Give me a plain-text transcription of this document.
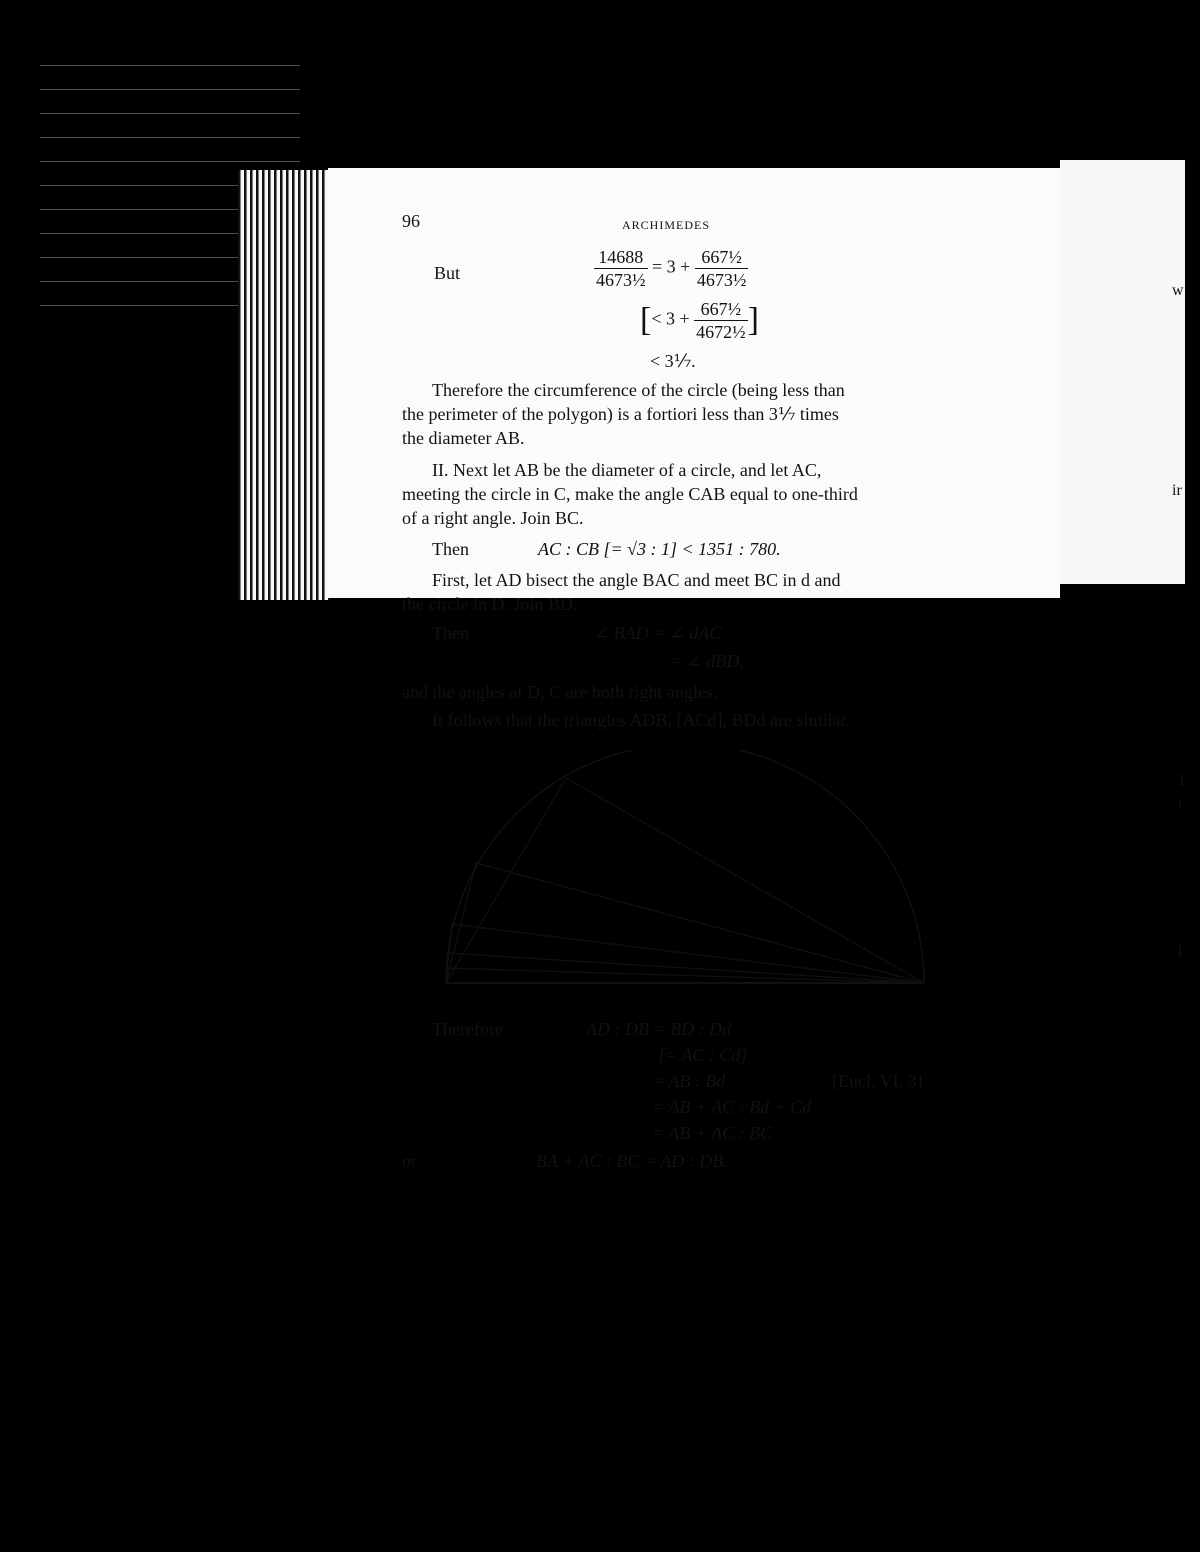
w
ir
1
i
[
96	ARCHIMEDES
But	$\frac{14688}{\text{4673½}} = 3 + \frac{\text{667½}}{\text{4673½}}$
[< $3 + \frac{\text{667½}}{\text{4672½}}$ ]
< 3⅐.
Therefore the circumference of the circle (being less than
the perimeter of the polygon) is a fortiori less than 3⅐ times
the diameter AB.
II. Next let AB be the diameter of a circle, and let AC,
meeting the circle in C, make the angle CAB equal to one-third
of a right angle. Join BC.
Then	AC : CB [= √3 : 1] < 1351 : 780.
First, let AD bisect the angle BAC and meet BC in d and
the circle in D. Join BD.
Then	∠ BAD = ∠ dAC
= ∠ dBD,
and the angles at D, C are both right angles.
It follows that the triangles ADB, [ACd], BDd are similar.
C
D
d
E
F
G
B
O	A
Therefore	AD : DB = BD : Dd
[= AC : Cd]
= AB : Bd	[Eucl. VI. 3]
= AB + AC : Bd + Cd
= AB + AC : BC
or	BA + AC : BC = AD : DB.
